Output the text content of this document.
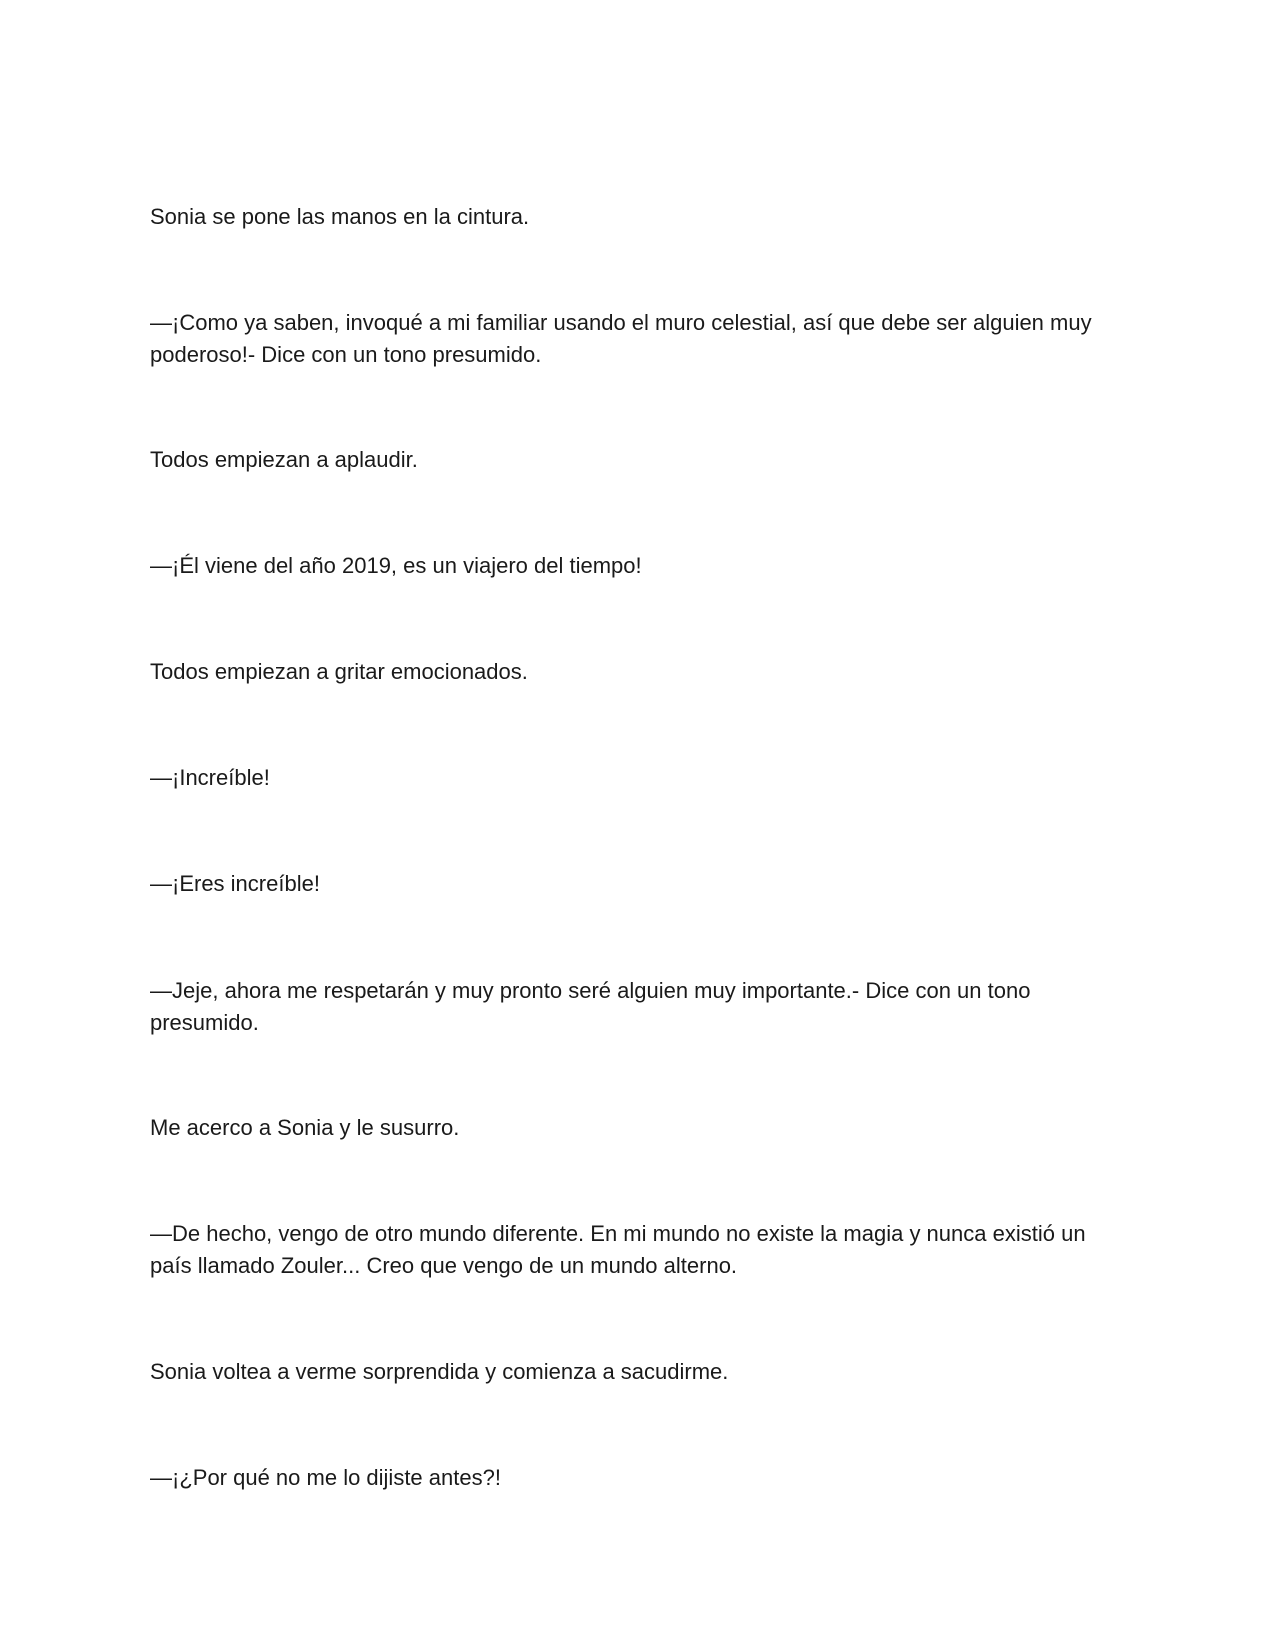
Sonia se pone las manos en la cintura.

—¡Como ya saben, invoqué a mi familiar usando el muro celestial, así que debe ser alguien muy poderoso!- Dice con un tono presumido.

Todos empiezan a aplaudir.

—¡Él viene del año 2019, es un viajero del tiempo!

Todos empiezan a gritar emocionados.

—¡Increíble!

—¡Eres increíble!

—Jeje, ahora me respetarán y muy pronto seré alguien muy importante.- Dice con un tono presumido.

Me acerco a Sonia y le susurro.

—De hecho, vengo de otro mundo diferente. En mi mundo no existe la magia y nunca existió un país llamado Zouler... Creo que vengo de un mundo alterno.

Sonia voltea a verme sorprendida y comienza a sacudirme.

—¡¿Por qué no me lo dijiste antes?!
